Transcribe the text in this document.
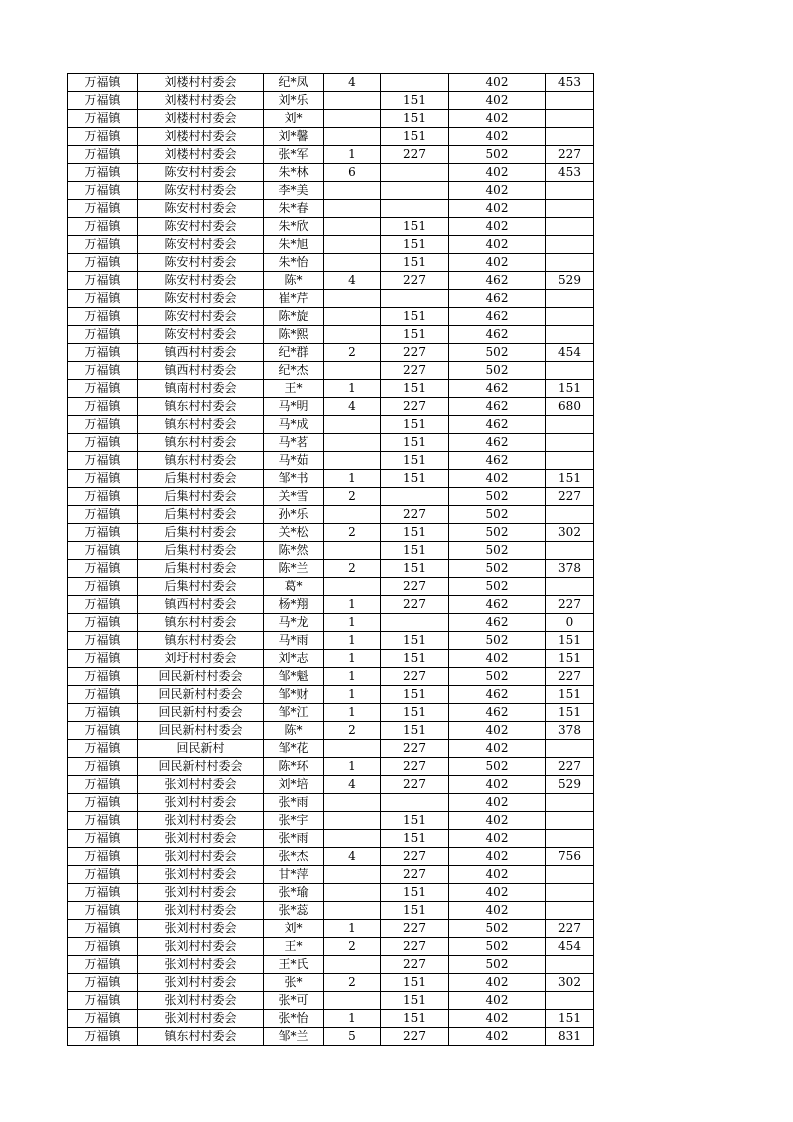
万福镇	刘楼村村委会	纪*凤	4		402	453
万福镇	刘楼村村委会	刘*乐		151	402	
万福镇	刘楼村村委会	刘*		151	402	
万福镇	刘楼村村委会	刘*馨		151	402	
万福镇	刘楼村村委会	张*军	1	227	502	227
万福镇	陈安村村委会	朱*林	6		402	453
万福镇	陈安村村委会	李*美			402	
万福镇	陈安村村委会	朱*春			402	
万福镇	陈安村村委会	朱*欣		151	402	
万福镇	陈安村村委会	朱*旭		151	402	
万福镇	陈安村村委会	朱*怡		151	402	
万福镇	陈安村村委会	陈*	4	227	462	529
万福镇	陈安村村委会	崔*芹			462	
万福镇	陈安村村委会	陈*旋		151	462	
万福镇	陈安村村委会	陈*熙		151	462	
万福镇	镇西村村委会	纪*群	2	227	502	454
万福镇	镇西村村委会	纪*杰		227	502	
万福镇	镇南村村委会	王*	1	151	462	151
万福镇	镇东村村委会	马*明	4	227	462	680
万福镇	镇东村村委会	马*成		151	462	
万福镇	镇东村村委会	马*茗		151	462	
万福镇	镇东村村委会	马*茹		151	462	
万福镇	后集村村委会	邹*书	1	151	402	151
万福镇	后集村村委会	关*雪	2		502	227
万福镇	后集村村委会	孙*乐		227	502	
万福镇	后集村村委会	关*松	2	151	502	302
万福镇	后集村村委会	陈*然		151	502	
万福镇	后集村村委会	陈*兰	2	151	502	378
万福镇	后集村村委会	葛*		227	502	
万福镇	镇西村村委会	杨*翔	1	227	462	227
万福镇	镇东村村委会	马*龙	1		462	0
万福镇	镇东村村委会	马*雨	1	151	502	151
万福镇	刘圩村村委会	刘*志	1	151	402	151
万福镇	回民新村村委会	邹*魁	1	227	502	227
万福镇	回民新村村委会	邹*财	1	151	462	151
万福镇	回民新村村委会	邹*江	1	151	462	151
万福镇	回民新村村委会	陈*	2	151	402	378
万福镇	回民新村	邹*花		227	402	
万福镇	回民新村村委会	陈*环	1	227	502	227
万福镇	张刘村村委会	刘*培	4	227	402	529
万福镇	张刘村村委会	张*雨			402	
万福镇	张刘村村委会	张*宇		151	402	
万福镇	张刘村村委会	张*雨		151	402	
万福镇	张刘村村委会	张*杰	4	227	402	756
万福镇	张刘村村委会	甘*萍		227	402	
万福镇	张刘村村委会	张*瑜		151	402	
万福镇	张刘村村委会	张*蕊		151	402	
万福镇	张刘村村委会	刘*	1	227	502	227
万福镇	张刘村村委会	王*	2	227	502	454
万福镇	张刘村村委会	王*氏		227	502	
万福镇	张刘村村委会	张*	2	151	402	302
万福镇	张刘村村委会	张*可		151	402	
万福镇	张刘村村委会	张*怡	1	151	402	151
万福镇	镇东村村委会	邹*兰	5	227	402	831
